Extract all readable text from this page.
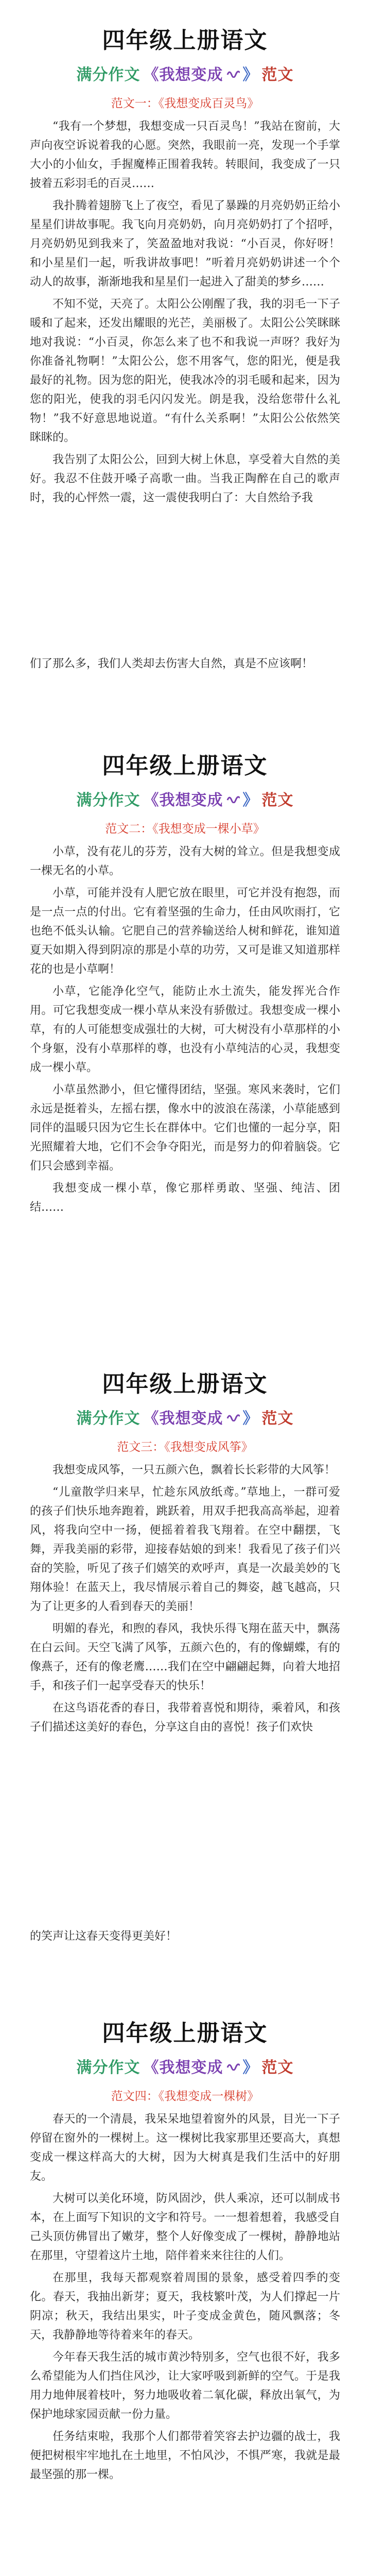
四年级上册语文
满分作文 《我想变成 》 范文
范文一：《我想变成百灵鸟》

“我有一个梦想，我想变成一只百灵鸟！”我站在窗前，大声向夜空诉说着我的心愿。突然，我眼前一亮，发现一个手掌大小的小仙女，手握魔棒正围着我转。转眼间，我变成了一只披着五彩羽毛的百灵……

我扑腾着翅膀飞上了夜空，看见了暴躁的月亮奶奶正给小星星们讲故事呢。我飞向月亮奶奶，向月亮奶奶打了个招呼，月亮奶奶见到我来了，笑盈盈地对我说：“小百灵，你好呀！和小星星们一起，听我讲故事吧！”听着月亮奶奶讲述一个个动人的故事，渐渐地我和星星们一起进入了甜美的梦乡……

不知不觉，天亮了。太阳公公刚醒了我，我的羽毛一下子暖和了起来，还发出耀眼的光芒，美丽极了。太阳公公笑眯眯地对我说：“小百灵，你怎么来了也不和我说一声呀？我好为你准备礼物啊！”太阳公公，您不用客气，您的阳光，便是我最好的礼物。因为您的阳光，使我冰冷的羽毛暖和起来，因为您的阳光，使我的羽毛闪闪发光。朗是我，没给您带什么礼物！”我不好意思地说道。“有什么关系啊！”太阳公公依然笑眯眯的。

我告别了太阳公公，回到大树上休息，享受着大自然的美好。我忍不住鼓开嗓子高歌一曲。当我正陶醉在自己的歌声时，我的心怦然一震，这一震使我明白了：大自然给予我

们了那么多，我们人类却去伤害大自然，真是不应该啊！
四年级上册语文
满分作文 《我想变成 》 范文
范文二：《我想变成一棵小草》

小草，没有花儿的芬芳，没有大树的耸立。但是我想变成一棵无名的小草。

小草，可能并没有人肥它放在眼里，可它并没有抱怨，而是一点一点的付出。它有着坚强的生命力，任由风吹雨打，它也绝不低头认输。它肥自己的营养输送给人树和鲜花，谁知道夏天如期入得到阴凉的那是小草的功劳，又可是谁又知道那样花的也是小草啊！

小草，它能净化空气，能防止水土流失，能发挥光合作用。可它我想变成一棵小草从来没有骄傲过。我想变成一棵小草，有的人可能想变成强壮的大树，可大树没有小草那样的小个身躯，没有小草那样的尊，也没有小草纯洁的心灵，我想变成一棵小草。

小草虽然渺小，但它懂得团结，坚强。寒风来袭时，它们永远是挺着头，左摇右摆，像水中的波浪在荡漾，小草能感到同伴的温暖只因为它生长在群体中。它们也懂的一起分享，阳光照耀着大地，它们不会争夺阳光，而是努力的仰着脑袋。它们只会感到幸福。

我想变成一棵小草，像它那样勇敢、坚强、纯洁、团结……

四年级上册语文
满分作文 《我想变成 》 范文
范文三：《我想变成风筝》

我想变成风筝，一只五颜六色，飘着长长彩带的大风筝！

“儿童散学归来早，忙趁东风放纸鸢。”草地上，一群可爱的孩子们快乐地奔跑着，跳跃着，用双手把我高高举起，迎着风，将我向空中一扬，便摇着着我飞翔着。在空中翻摆，飞舞，弄我美丽的彩带，迎接春姑娘的到来！我看见了孩子们兴奋的笑脸，听见了孩子们嬉笑的欢呼声，真是一次最美妙的飞翔体验！在蓝天上，我尽情展示着自己的舞姿，越飞越高，只为了让更多的人看到春天的美丽！

明媚的春光，和煦的春风，我快乐得飞翔在蓝天中，飘荡在白云间。天空飞满了风筝，五颜六色的，有的像蝴蝶，有的像燕子，还有的像老鹰……我们在空中翩翩起舞，向着大地招手，和孩子们一起享受春天的快乐！

在这鸟语花香的春日，我带着喜悦和期待，乘着风，和孩子们描述这美好的春色，分享这自由的喜悦！孩子们欢快

的笑声让这春天变得更美好！
四年级上册语文
满分作文 《我想变成 》 范文
范文四：《我想变成一棵树》

春天的一个清晨，我呆呆地望着窗外的风景，目光一下子停留在窗外的一棵树上。这一棵树比我家那里还要高大，真想变成一棵这样高大的大树，因为大树真是我们生活中的好朋友。

大树可以美化环境，防风固沙，供人乘凉，还可以制成书本，在上面写下知识的文字和符号。一一想着想着，我感受自己头顶仿佛冒出了嫩芽，整个人好像变成了一棵树，静静地站在那里，守望着这片土地，陪伴着来来往往的人们。

在那里，我每天都观察着周围的景象，感受着四季的变化。春天，我抽出新芽；夏天，我枝繁叶茂，为人们撑起一片阴凉；秋天，我结出果实，叶子变成金黄色，随风飘落；冬天，我静静地等待着来年的春天。

今年春天我生活的城市黄沙特别多，空气也很不好，我多么希望能为人们挡住风沙，让大家呼吸到新鲜的空气。于是我用力地伸展着枝叶，努力地吸收着二氧化碳，释放出氧气，为保护地球家园贡献一份力量。

任务结束啦，我那个人们都带着笑容去护边疆的战士，我便把树根牢牢地扎在土地里，不怕风沙，不惧严寒，我就是最最坚强的那一棵。
